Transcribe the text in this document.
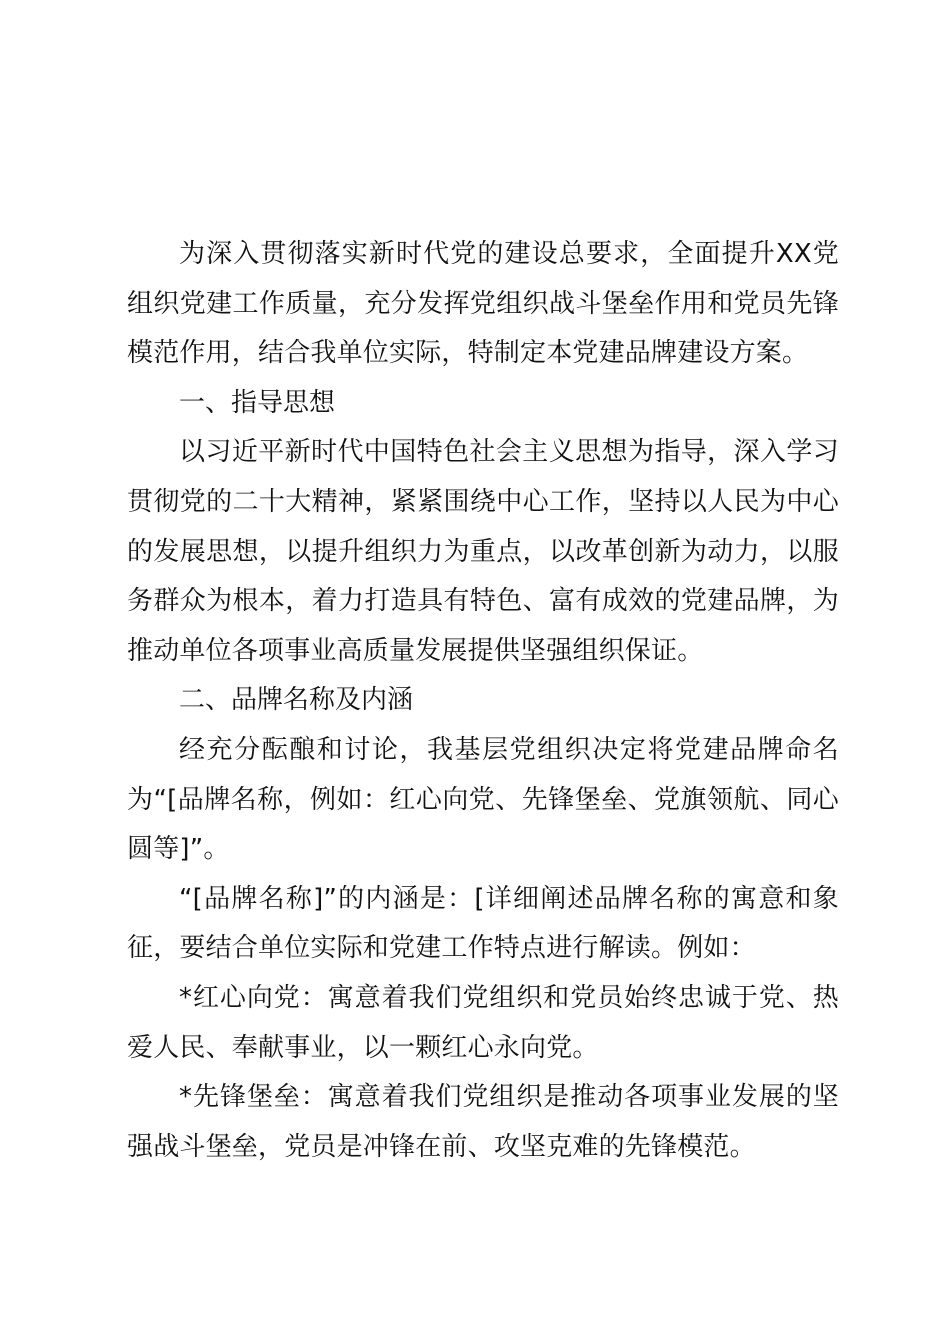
为深入贯彻落实新时代党的建设总要求，全面提升XX党组织党建工作质量，充分发挥党组织战斗堡垒作用和党员先锋模范作用，结合我单位实际，特制定本党建品牌建设方案。

一、指导思想

以习近平新时代中国特色社会主义思想为指导，深入学习贯彻党的二十大精神，紧紧围绕中心工作，坚持以人民为中心的发展思想，以提升组织力为重点，以改革创新为动力，以服务群众为根本，着力打造具有特色、富有成效的党建品牌，为推动单位各项事业高质量发展提供坚强组织保证。

二、品牌名称及内涵

经充分酝酿和讨论，我基层党组织决定将党建品牌命名为“[品牌名称，例如：红心向党、先锋堡垒、党旗领航、同心圆等]”。

“[品牌名称]”的内涵是：[详细阐述品牌名称的寓意和象征，要结合单位实际和党建工作特点进行解读。例如：

*红心向党：寓意着我们党组织和党员始终忠诚于党、热爱人民、奉献事业，以一颗红心永向党。

*先锋堡垒：寓意着我们党组织是推动各项事业发展的坚强战斗堡垒，党员是冲锋在前、攻坚克难的先锋模范。
